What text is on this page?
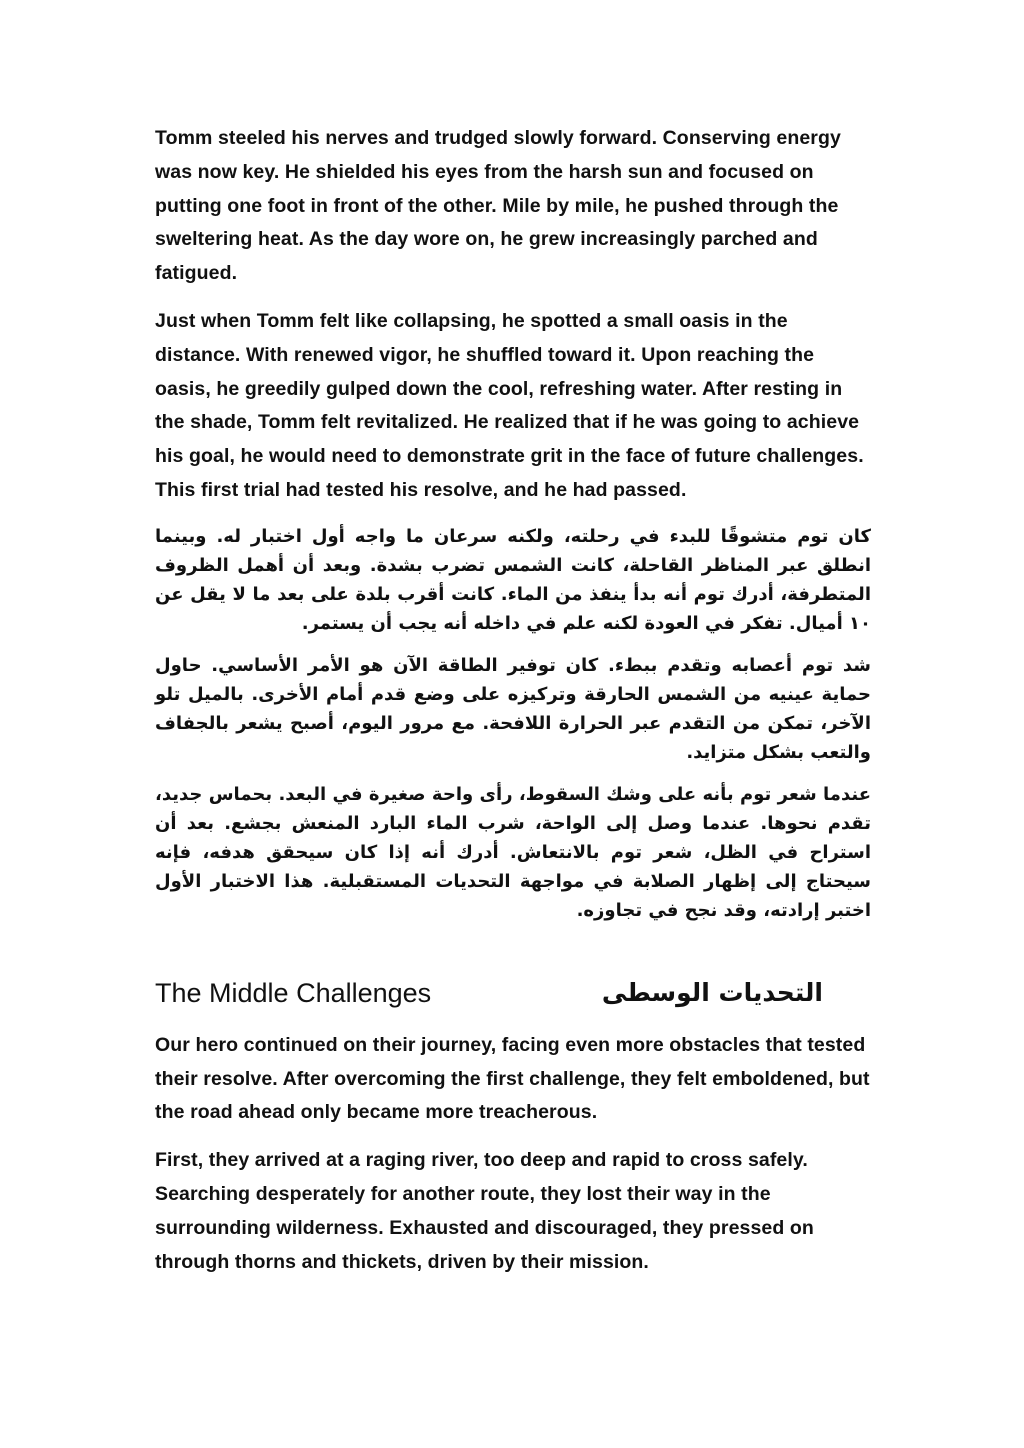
Tomm steeled his nerves and trudged slowly forward. Conserving energy was now key. He shielded his eyes from the harsh sun and focused on putting one foot in front of the other. Mile by mile, he pushed through the sweltering heat. As the day wore on, he grew increasingly parched and fatigued.

Just when Tomm felt like collapsing, he spotted a small oasis in the distance. With renewed vigor, he shuffled toward it. Upon reaching the oasis, he greedily gulped down the cool, refreshing water. After resting in the shade, Tomm felt revitalized. He realized that if he was going to achieve his goal, he would need to demonstrate grit in the face of future challenges. This first trial had tested his resolve, and he had passed.

كان توم متشوقًا للبدء في رحلته، ولكنه سرعان ما واجه أول اختبار له. وبينما انطلق عبر المناظر القاحلة، كانت الشمس تضرب بشدة. وبعد أن أهمل الظروف المتطرفة، أدرك توم أنه بدأ ينفذ من الماء. كانت أقرب بلدة على بعد ما لا يقل عن ١٠ أميال. تفكر في العودة لكنه علم في داخله أنه يجب أن يستمر.

شد توم أعصابه وتقدم ببطء. كان توفير الطاقة الآن هو الأمر الأساسي. حاول حماية عينيه من الشمس الحارقة وتركيزه على وضع قدم أمام الأخرى. بالميل تلو الآخر، تمكن من التقدم عبر الحرارة اللافحة. مع مرور اليوم، أصبح يشعر بالجفاف والتعب بشكل متزايد.

عندما شعر توم بأنه على وشك السقوط، رأى واحة صغيرة في البعد. بحماس جديد، تقدم نحوها. عندما وصل إلى الواحة، شرب الماء البارد المنعش بجشع. بعد أن استراح في الظل، شعر توم بالانتعاش. أدرك أنه إذا كان سيحقق هدفه، فإنه سيحتاج إلى إظهار الصلابة في مواجهة التحديات المستقبلية. هذا الاختبار الأول اختبر إرادته، وقد نجح في تجاوزه.

The Middle Challenges	التحديات الوسطى

Our hero continued on their journey, facing even more obstacles that tested their resolve. After overcoming the first challenge, they felt emboldened, but the road ahead only became more treacherous.

First, they arrived at a raging river, too deep and rapid to cross safely. Searching desperately for another route, they lost their way in the surrounding wilderness. Exhausted and discouraged, they pressed on through thorns and thickets, driven by their mission.
